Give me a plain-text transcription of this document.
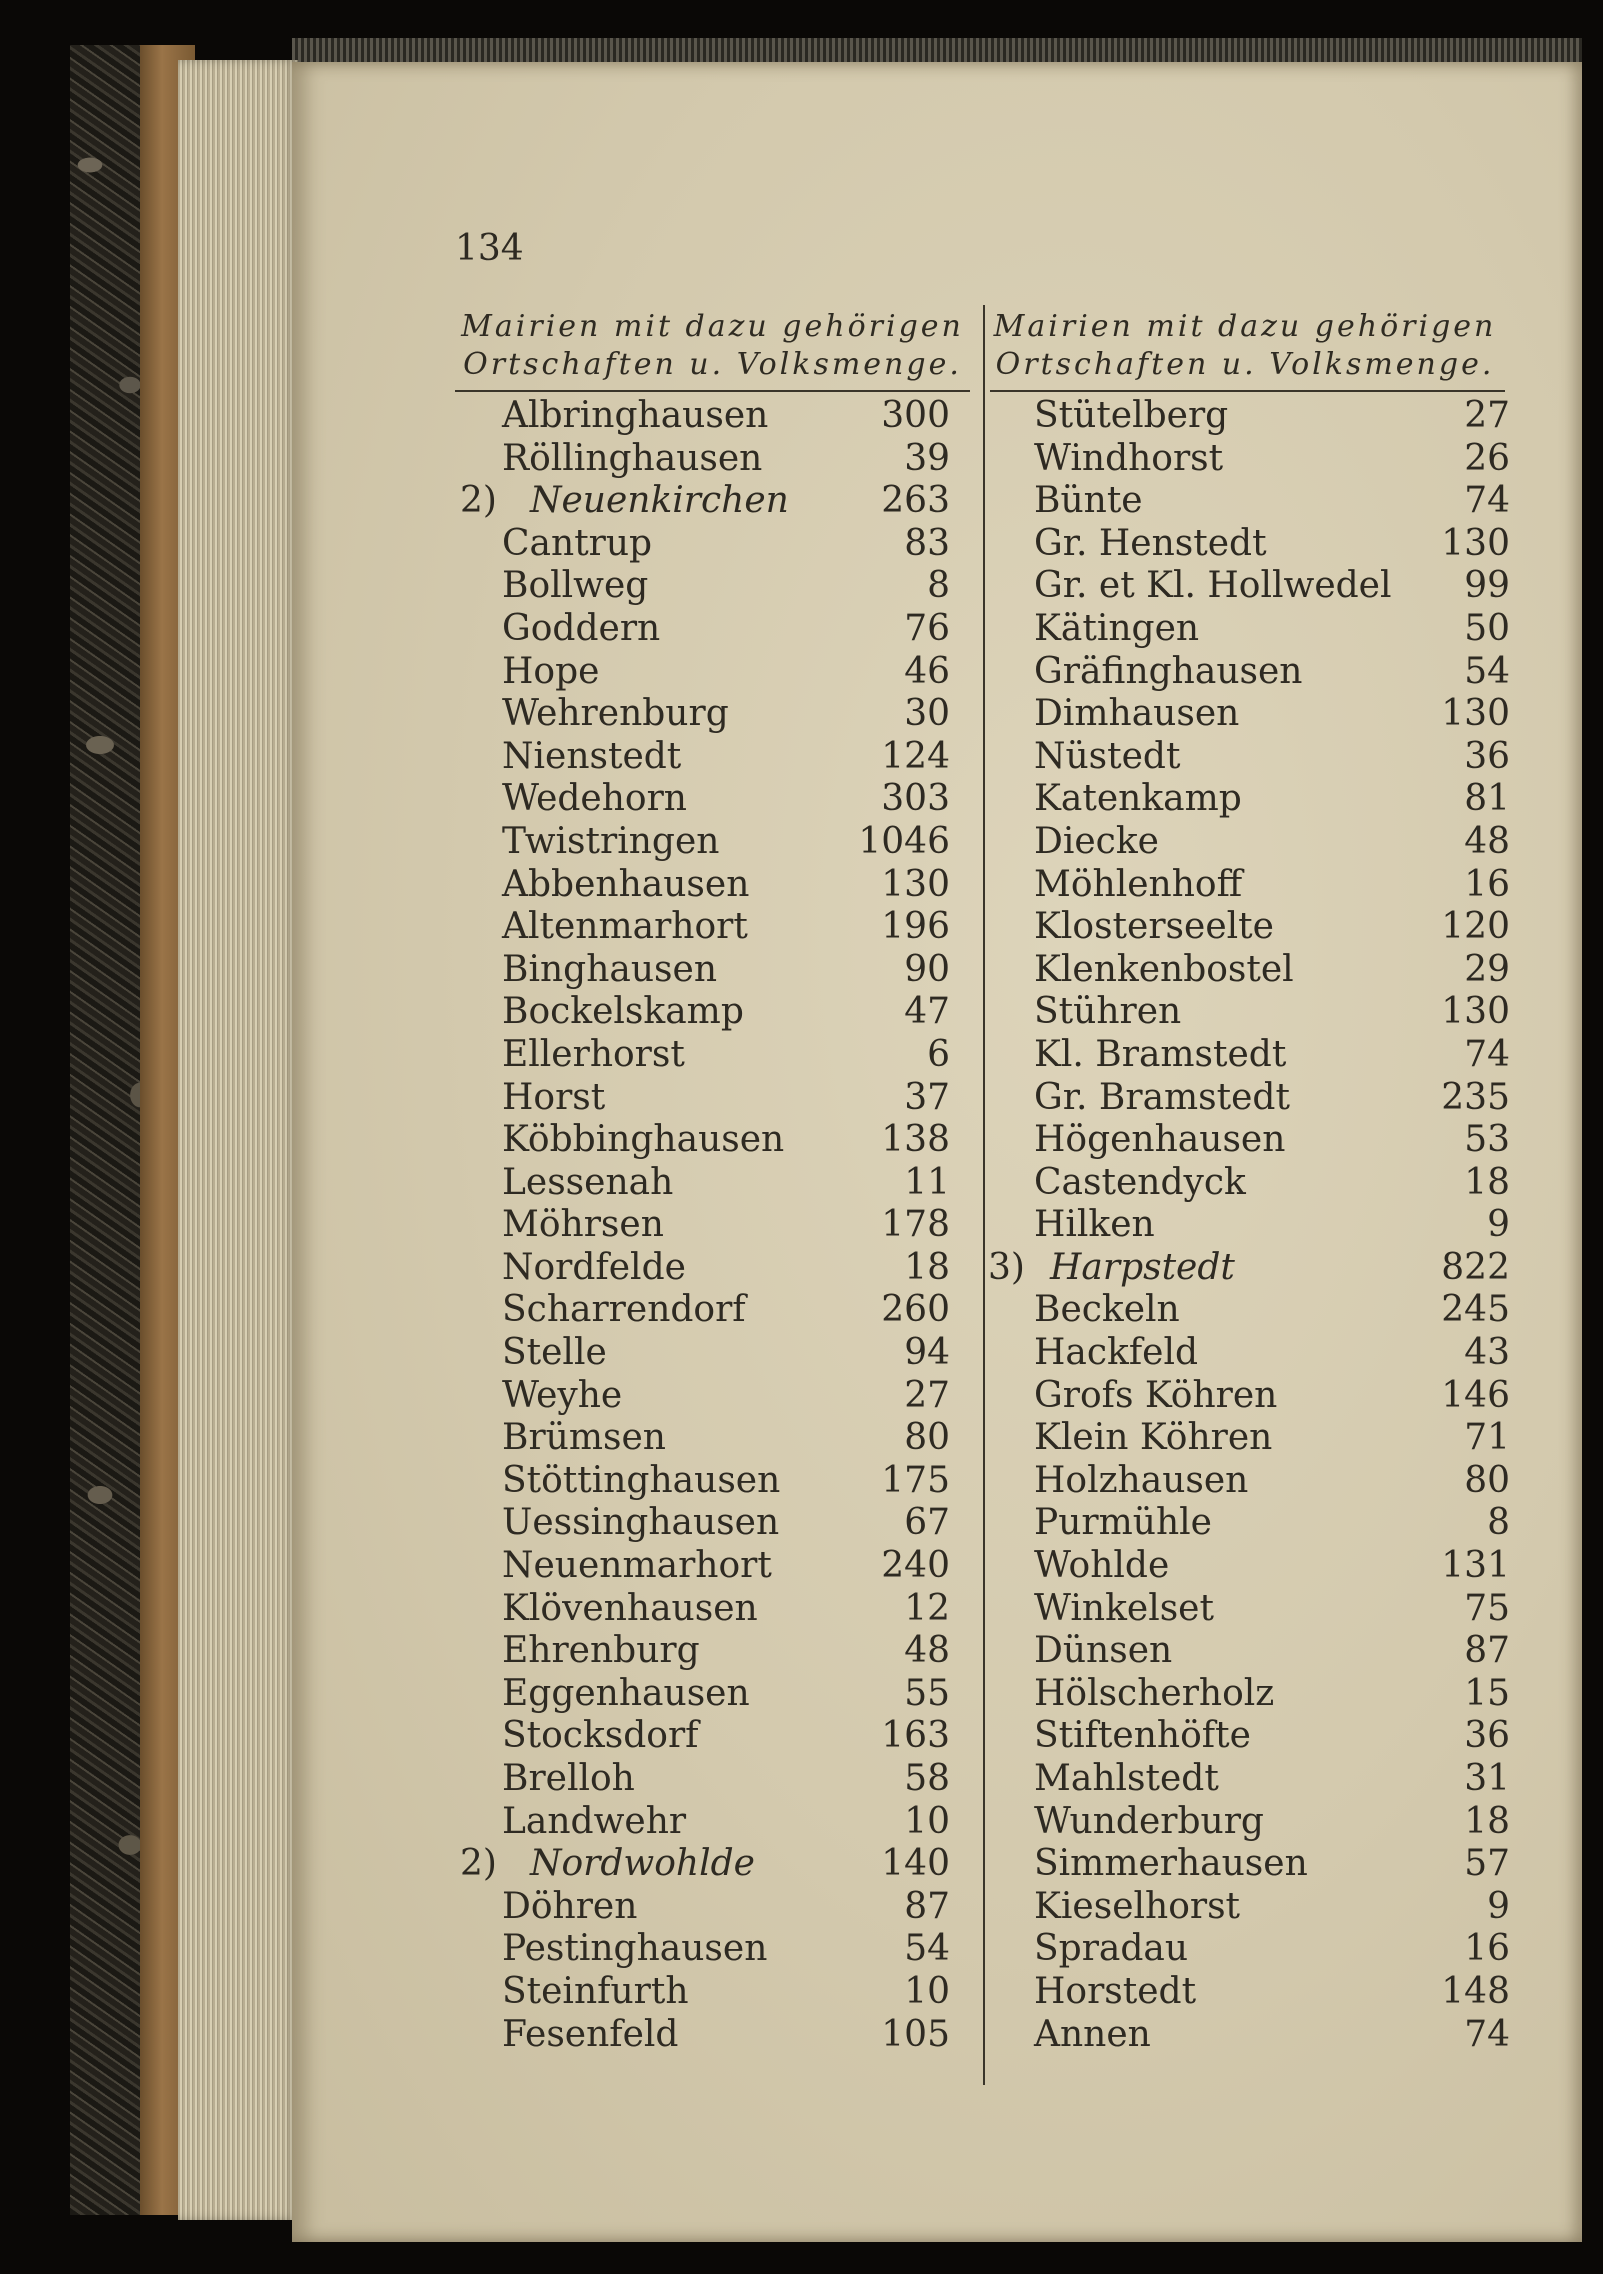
134
Mairien mit dazu gehörigen
Ortschaften u. Volksmenge.
Mairien mit dazu gehörigen
Ortschaften u. Volksmenge.
Albringhausen	300
Röllinghausen	39
2) Neuenkirchen	263
Cantrup	83
Bollweg	8
Goddern	76
Hope	46
Wehrenburg	30
Nienstedt	124
Wedehorn	303
Twistringen	1046
Abbenhausen	130
Altenmarhort	196
Binghausen	90
Bockelskamp	47
Ellerhorst	6
Horst	37
Köbbinghausen	138
Lessenah	11
Möhrsen	178
Nordfelde	18
Scharrendorf	260
Stelle	94
Weyhe	27
Brümsen	80
Stöttinghausen	175
Uessinghausen	67
Neuenmarhort	240
Klövenhausen	12
Ehrenburg	48
Eggenhausen	55
Stocksdorf	163
Brelloh	58
Landwehr	10
2) Nordwohlde	140
Döhren	87
Pestinghausen	54
Steinfurth	10
Fesenfeld	105
Stütelberg	27
Windhorst	26
Bünte	74
Gr. Henstedt	130
Gr. et Kl. Hollwedel 99
Kätingen	50
Gräfinghausen	54
Dimhausen	130
Nüstedt	36
Katenkamp	81
Diecke	48
Möhlenhoff	16
Klosterseelte	120
Klenkenbostel	29
Stühren	130
Kl. Bramstedt	74
Gr. Bramstedt	235
Högenhausen	53
Castendyck	18
Hilken	9
3) Harpstedt	822
Beckeln	245
Hackfeld	43
Grofs Köhren	146
Klein Köhren	71
Holzhausen	80
Purmühle	8
Wohlde	131
Winkelset	75
Dünsen	87
Hölscherholz	15
Stiftenhöfte	36
Mahlstedt	31
Wunderburg	18
Simmerhausen	57
Kieselhorst	9
Spradau	16
Horstedt	148
Annen	74
